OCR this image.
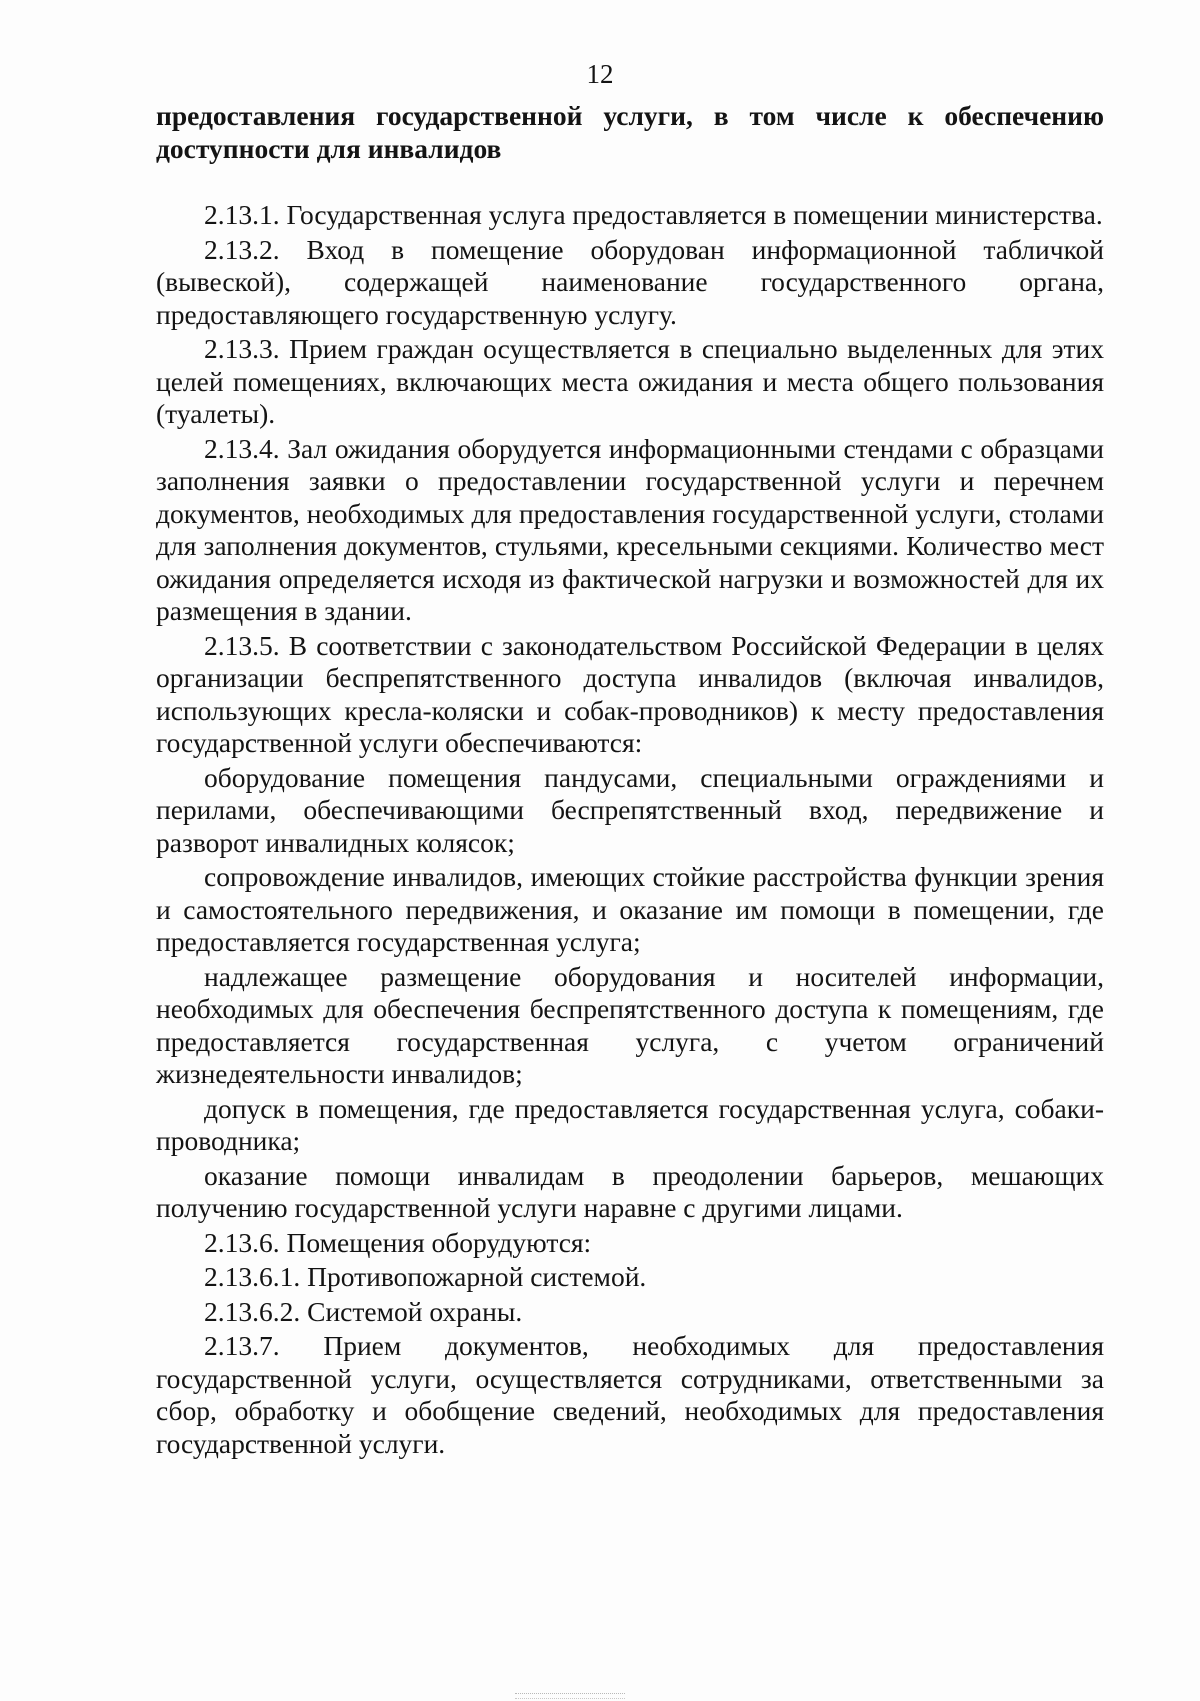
12

предоставления государственной услуги, в том числе к обеспечению доступности для инвалидов

2.13.1. Государственная услуга предоставляется в помещении министерства.

2.13.2. Вход в помещение оборудован информационной табличкой (вывеской), содержащей наименование государственного органа, предоставляющего государственную услугу.

2.13.3. Прием граждан осуществляется в специально выделенных для этих целей помещениях, включающих места ожидания и места общего пользования (туалеты).

2.13.4. Зал ожидания оборудуется информационными стендами с образцами заполнения заявки о предоставлении государственной услуги и перечнем документов, необходимых для предоставления государственной услуги, столами для заполнения документов, стульями, кресельными секциями. Количество мест ожидания определяется исходя из фактической нагрузки и возможностей для их размещения в здании.

2.13.5. В соответствии с законодательством Российской Федерации в целях организации беспрепятственного доступа инвалидов (включая инвалидов, использующих кресла-коляски и собак-проводников) к месту предоставления государственной услуги обеспечиваются:

оборудование помещения пандусами, специальными ограждениями и перилами, обеспечивающими беспрепятственный вход, передвижение и разворот инвалидных колясок;

сопровождение инвалидов, имеющих стойкие расстройства функции зрения и самостоятельного передвижения, и оказание им помощи в помещении, где предоставляется государственная услуга;

надлежащее размещение оборудования и носителей информации, необходимых для обеспечения беспрепятственного доступа к помещениям, где предоставляется государственная услуга, с учетом ограничений жизнедеятельности инвалидов;

допуск в помещения, где предоставляется государственная услуга, собаки-проводника;

оказание помощи инвалидам в преодолении барьеров, мешающих получению государственной услуги наравне с другими лицами.

2.13.6. Помещения оборудуются:

2.13.6.1. Противопожарной системой.

2.13.6.2. Системой охраны.

2.13.7. Прием документов, необходимых для предоставления государственной услуги, осуществляется сотрудниками, ответственными за сбор, обработку и обобщение сведений, необходимых для предоставления государственной услуги.
